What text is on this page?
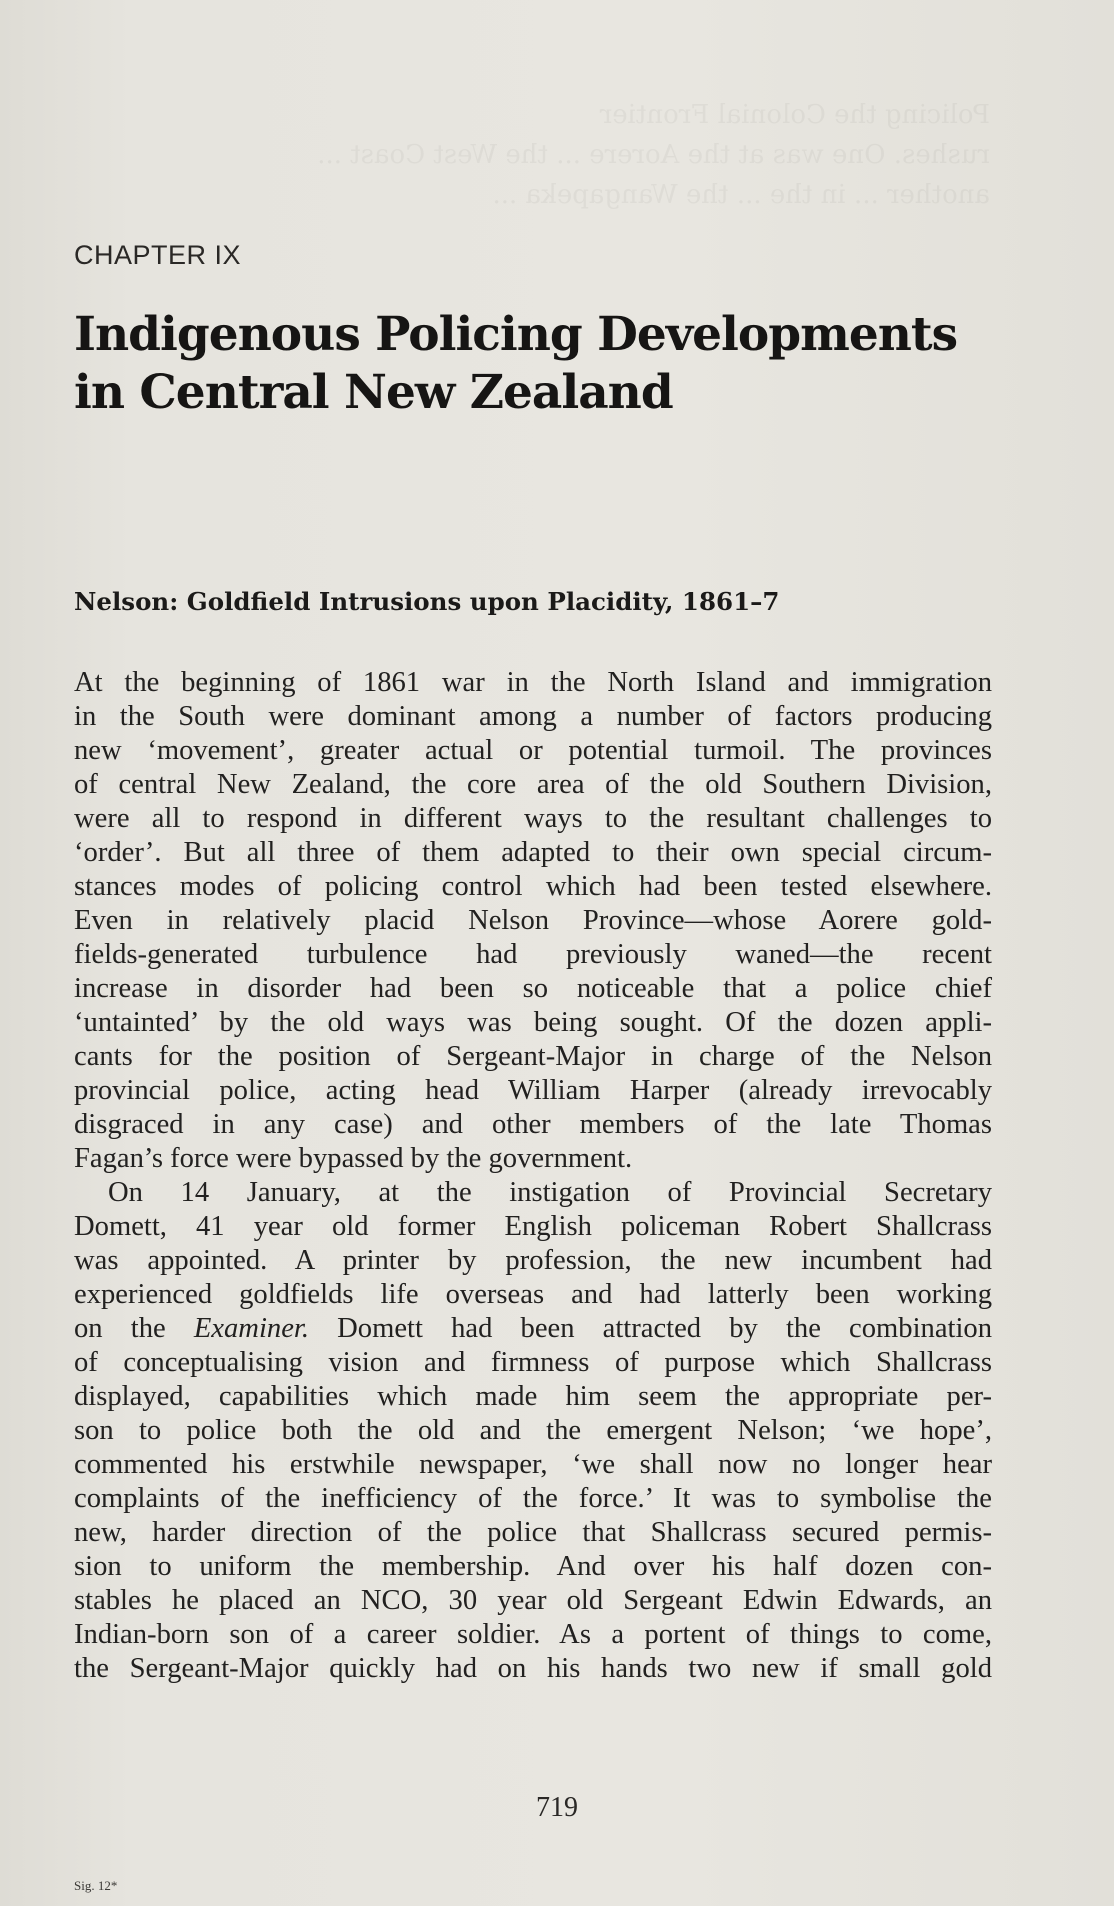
CHAPTER IX

Indigenous Policing Developments in Central New Zealand
Nelson: Goldfield Intrusions upon Placidity, 1861–7

At the beginning of 1861 war in the North Island and immigration
in the South were dominant among a number of factors producing
new ‘movement’, greater actual or potential turmoil. The provinces
of central New Zealand, the core area of the old Southern Division,
were all to respond in different ways to the resultant challenges to
‘order’. But all three of them adapted to their own special circum-
stances modes of policing control which had been tested elsewhere.
Even in relatively placid Nelson Province—whose Aorere gold-
fields-generated turbulence had previously waned—the recent
increase in disorder had been so noticeable that a police chief
‘untainted’ by the old ways was being sought. Of the dozen appli-
cants for the position of Sergeant-Major in charge of the Nelson
provincial police, acting head William Harper (already irrevocably
disgraced in any case) and other members of the late Thomas
Fagan’s force were bypassed by the government.

On 14 January, at the instigation of Provincial Secretary
Domett, 41 year old former English policeman Robert Shallcrass
was appointed. A printer by profession, the new incumbent had
experienced goldfields life overseas and had latterly been working
on the Examiner. Domett had been attracted by the combination
of conceptualising vision and firmness of purpose which Shallcrass
displayed, capabilities which made him seem the appropriate per-
son to police both the old and the emergent Nelson; ‘we hope’,
commented his erstwhile newspaper, ‘we shall now no longer hear
complaints of the inefficiency of the force.’ It was to symbolise the
new, harder direction of the police that Shallcrass secured permis-
sion to uniform the membership. And over his half dozen con-
stables he placed an NCO, 30 year old Sergeant Edwin Edwards, an
Indian-born son of a career soldier. As a portent of things to come,
the Sergeant-Major quickly had on his hands two new if small gold

719
Sig. 12*
